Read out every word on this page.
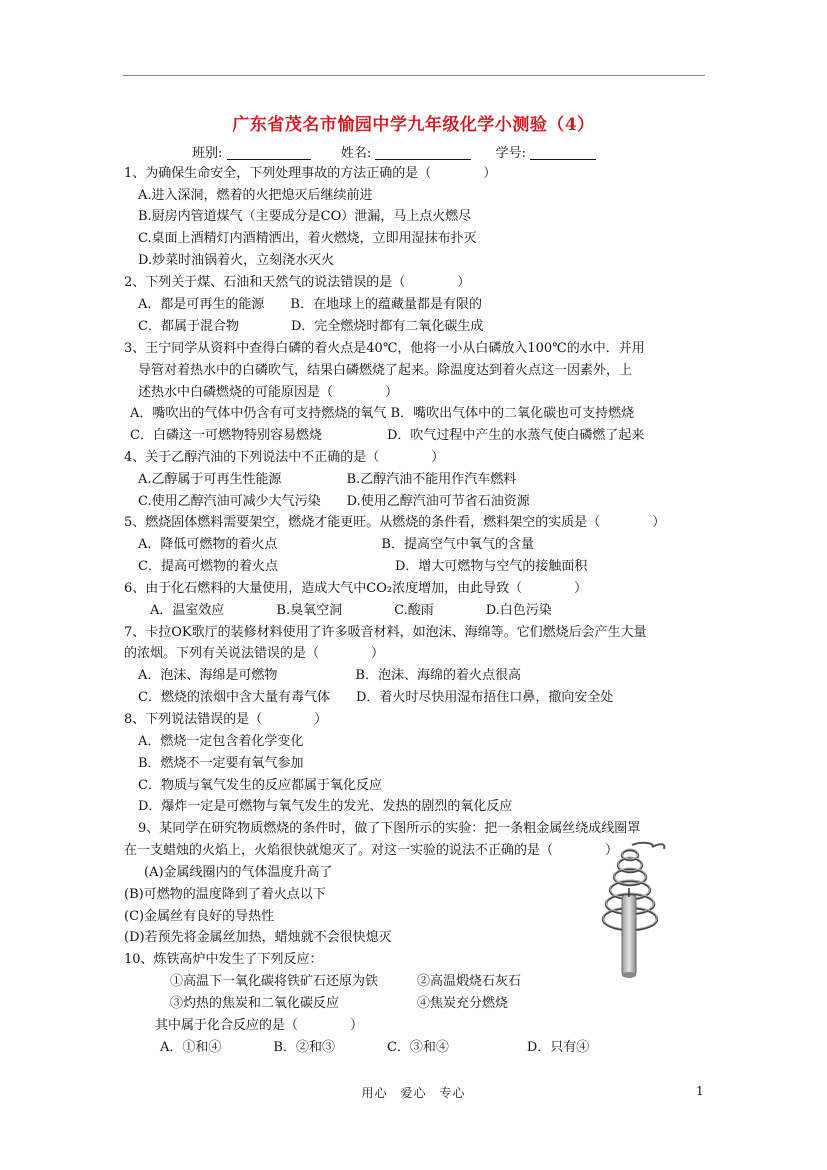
广东省茂名市愉园中学九年级化学小测验（4）
班别:	姓名:	学号:
1、为确保生命安全，下列处理事故的方法正确的是（　　　　）
A.进入深洞，燃着的火把熄灭后继续前进
B.厨房内管道煤气（主要成分是CO）泄漏，马上点火燃尽
C.桌面上酒精灯内酒精洒出，着火燃烧，立即用湿抹布扑灭
D.炒菜时油锅着火，立刻浇水灭火
2、下列关于煤、石油和天然气的说法错误的是（　　　　）
A．都是可再生的能源　　B．在地球上的蕴藏量都是有限的
C．都属于混合物　　　　D．完全燃烧时都有二氧化碳生成
3、王宁同学从资料中查得白磷的着火点是40℃，他将一小从白磷放入100℃的水中．并用
导管对着热水中的白磷吹气，结果白磷燃烧了起来。除温度达到着火点这一因素外，上
述热水中白磷燃烧的可能原因是（　　　　）
A．嘴吹出的气体中仍含有可支持燃烧的氧气 B．嘴吹出气体中的二氧化碳也可支持燃烧
C．白磷这一可燃物特别容易燃烧　　　　　D．吹气过程中产生的水蒸气使白磷燃了起来
4、关于乙醇汽油的下列说法中不正确的是（　　　　）
A.乙醇属于可再生性能源　　　　　B.乙醇汽油不能用作汽车燃料
C.使用乙醇汽油可减少大气污染　　D.使用乙醇汽油可节省石油资源
5、燃烧固体燃料需要架空，燃烧才能更旺。从燃烧的条件看，燃料架空的实质是（　　　　）
A．降低可燃物的着火点　　　　　　　　B．提高空气中氧气的含量
C．提高可燃物的着火点　　　　　　　　　D．增大可燃物与空气的接触面积
6、由于化石燃料的大量使用，造成大气中CO₂浓度增加，由此导致（　　　　）
A．温室效应　　　　B.臭氧空洞　　　　C.酸雨　　　　D.白色污染
7、卡拉OK歌厅的装修材料使用了许多吸音材料，如泡沫、海绵等。它们燃烧后会产生大量
的浓烟。下列有关说法错误的是（　　　　）
A．泡沫、海绵是可燃物　　　　　　B．泡沫、海绵的着火点很高
C．燃烧的浓烟中含大量有毒气体　　D．着火时尽快用湿布捂住口鼻，撤向安全处
8、下列说法错误的是（　　　　）
A．燃烧一定包含着化学变化
B．燃烧不一定要有氧气参加
C．物质与氧气发生的反应都属于氧化反应
D．爆炸一定是可燃物与氧气发生的发光、发热的剧烈的氧化反应
9、某同学在研究物质燃烧的条件时，做了下图所示的实验：把一条粗金属丝绕成线圈罩
在一支蜡烛的火焰上，火焰很快就熄灭了。对这一实验的说法不正确的是（　　　　）
(A)金属线圈内的气体温度升高了
(B)可燃物的温度降到了着火点以下
(C)金属丝有良好的导热性
(D)若预先将金属丝加热，蜡烛就不会很快熄灭
10、炼铁高炉中发生了下列反应：
①高温下一氧化碳将铁矿石还原为铁　　　②高温煅烧石灰石
③灼热的焦炭和二氧化碳反应　　　　　　④焦炭充分燃烧
其中属于化合反应的是（　　　　）
A．①和④　　　　B．②和③　　　　C．③和④　　　　　　D．只有④
用心　爱心　专心	1
